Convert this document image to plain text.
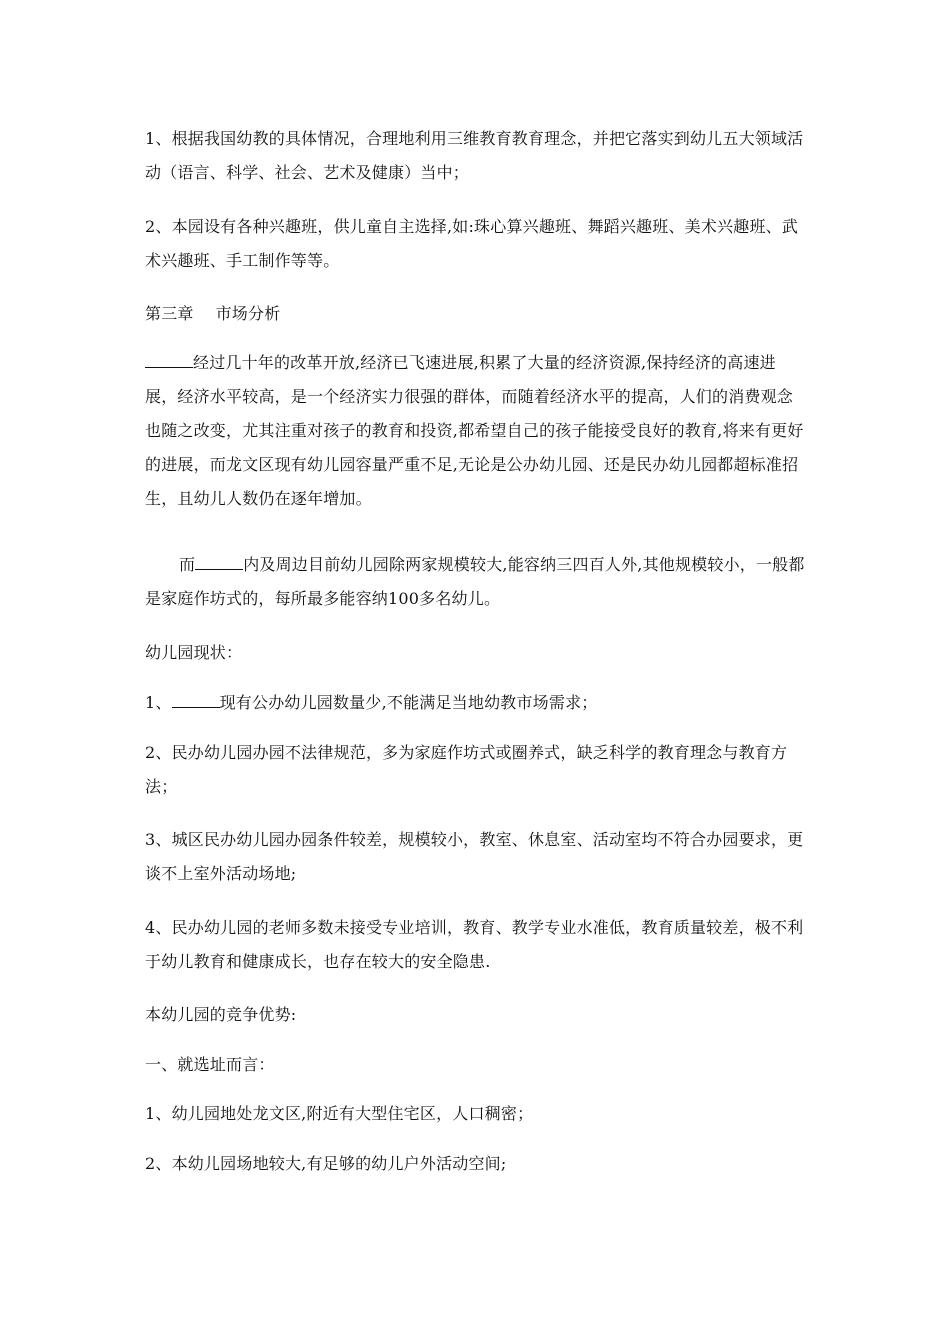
1、根据我国幼教的具体情况，合理地利用三维教育教育理念，并把它落实到幼儿五大领域活动（语言、科学、社会、艺术及健康）当中；

2、本园设有各种兴趣班，供儿童自主选择,如:珠心算兴趣班、舞蹈兴趣班、美术兴趣班、武术兴趣班、手工制作等等。

第三章 市场分析

经过几十年的改革开放,经济已飞速进展,积累了大量的经济资源,保持经济的高速进展，经济水平较高，是一个经济实力很强的群体，而随着经济水平的提高，人们的消费观念也随之改变，尤其注重对孩子的教育和投资,都希望自己的孩子能接受良好的教育,将来有更好的进展，而龙文区现有幼儿园容量严重不足,无论是公办幼儿园、还是民办幼儿园都超标准招生，且幼儿人数仍在逐年增加。

而	内及周边目前幼儿园除两家规模较大,能容纳三四百人外,其他规模较小，一般都是家庭作坊式的，每所最多能容纳100多名幼儿。

幼儿园现状：

1、	现有公办幼儿园数量少,不能满足当地幼教市场需求；

2、民办幼儿园办园不法律规范，多为家庭作坊式或圈养式，缺乏科学的教育理念与教育方法；

3、城区民办幼儿园办园条件较差，规模较小，教室、休息室、活动室均不符合办园要求，更谈不上室外活动场地;

4、民办幼儿园的老师多数未接受专业培训，教育、教学专业水准低，教育质量较差，极不利于幼儿教育和健康成长，也存在较大的安全隐患.

本幼儿园的竞争优势:

一、就选址而言：

1、幼儿园地处龙文区,附近有大型住宅区，人口稠密；

2、本幼儿园场地较大,有足够的幼儿户外活动空间;
